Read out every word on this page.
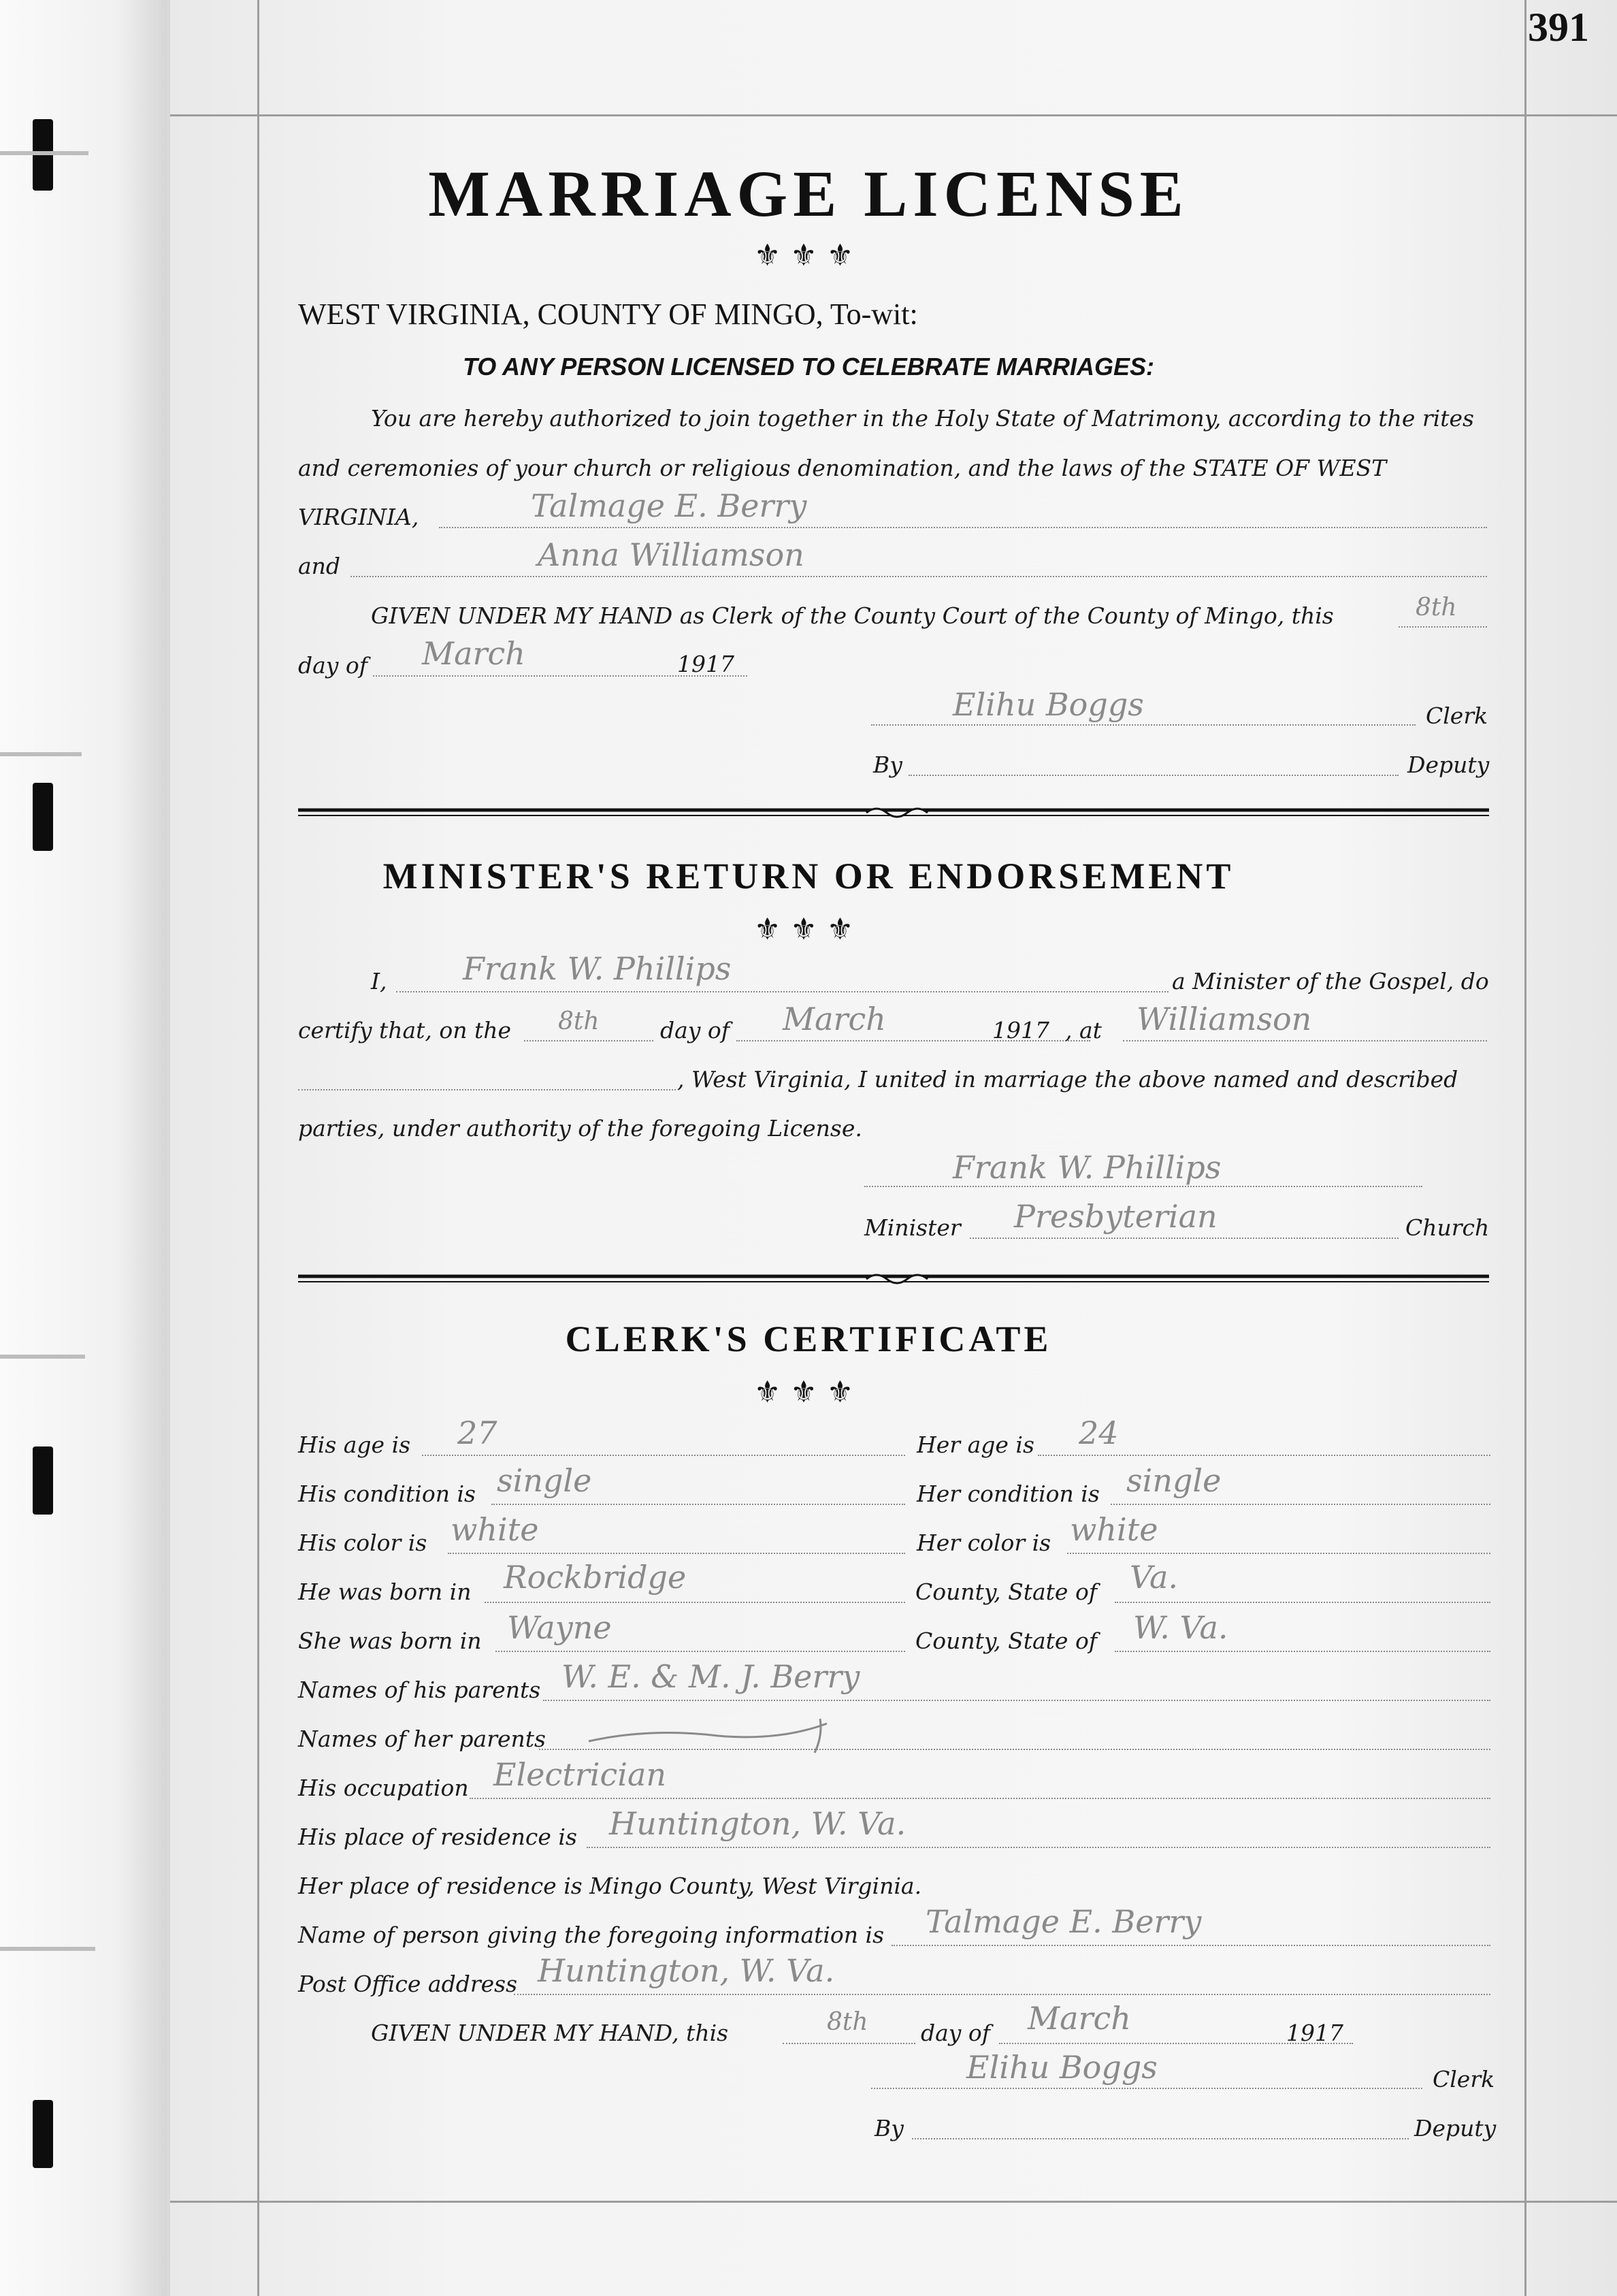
391
MARRIAGE LICENSE
⚜⚜⚜
WEST VIRGINIA, COUNTY OF MINGO, To-wit:
TO ANY PERSON LICENSED TO CELEBRATE MARRIAGES:
You are hereby authorized to join together in the Holy State of Matrimony, according to the rites
and ceremonies of your church or religious denomination, and the laws of the STATE OF WEST
VIRGINIA,	Talmage E. Berry
and	Anna Williamson
GIVEN UNDER MY HAND as Clerk of the County Court of the County of Mingo, this	8th
day of March	1917
Elihu Boggs	Clerk
By	Deputy
MINISTER'S RETURN OR ENDORSEMENT
⚜⚜⚜
I, Frank W. Phillips	a Minister of the Gospel, do
certify that, on the 8th	day of March	1917 , at Williamson
, West Virginia, I united in marriage the above named and described
parties, under authority of the foregoing License.
Frank W. Phillips
Minister Presbyterian	Church
CLERK'S CERTIFICATE
⚜⚜⚜
His age is 27	Her age is 24
His condition is single	Her condition is single
His color is white	Her color is white
He was born in Rockbridge	County, State of Va.
She was born in Wayne	County, State of W. Va.
Names of his parents W. E. & M. J. Berry
Names of her parents
His occupation Electrician
His place of residence is Huntington, W. Va.
Her place of residence is Mingo County, West Virginia.
Name of person giving the foregoing information is Talmage E. Berry
Post Office address Huntington, W. Va.
GIVEN UNDER MY HAND, this	8th day of March	1917
Elihu Boggs	Clerk
By	Deputy
